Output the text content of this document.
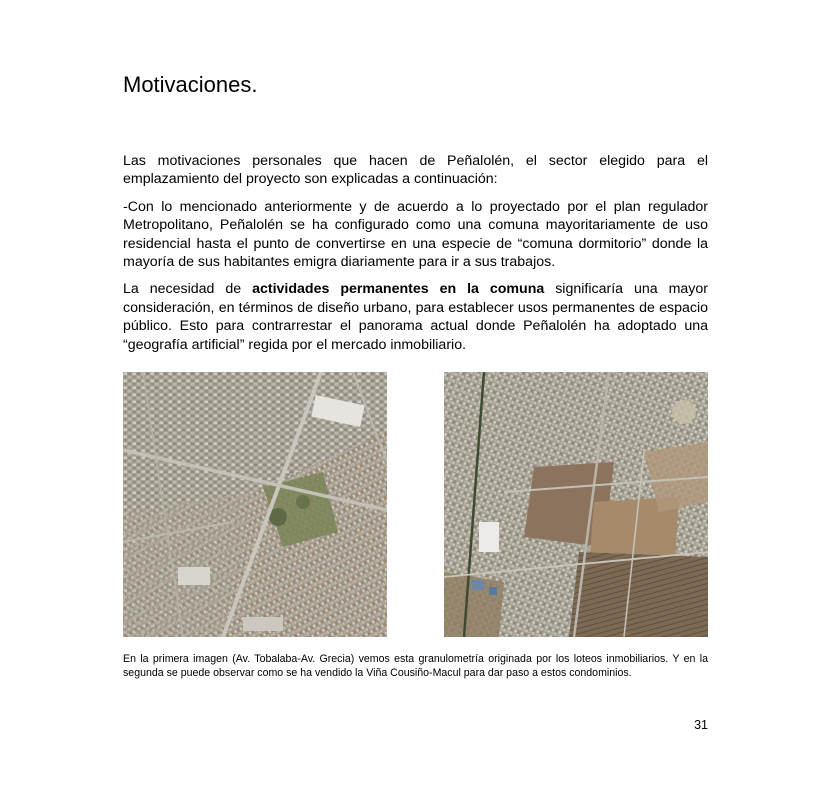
Motivaciones.

Las motivaciones personales que hacen de Peñalolén, el sector elegido para el emplazamiento del proyecto son explicadas a continuación:

-Con lo mencionado anteriormente y de acuerdo a lo proyectado por el plan regulador Metropolitano, Peñalolén se ha configurado como una comuna mayoritariamente de uso residencial hasta el punto de convertirse en una especie de “comuna dormitorio” donde la mayoría de sus habitantes emigra diariamente para ir a sus trabajos.

La necesidad de actividades permanentes en la comuna significaría una mayor consideración, en términos de diseño urbano, para establecer usos permanentes de espacio público. Esto para contrarrestar el panorama actual donde Peñalolén ha adoptado una “geografía artificial” regida por el mercado inmobiliario.

En la primera imagen (Av. Tobalaba-Av. Grecia) vemos esta granulometría originada por los loteos inmobiliarios. Y en la segunda se puede observar como se ha vendido la Viña Cousiño-Macul para dar paso a estos condominios.

31
